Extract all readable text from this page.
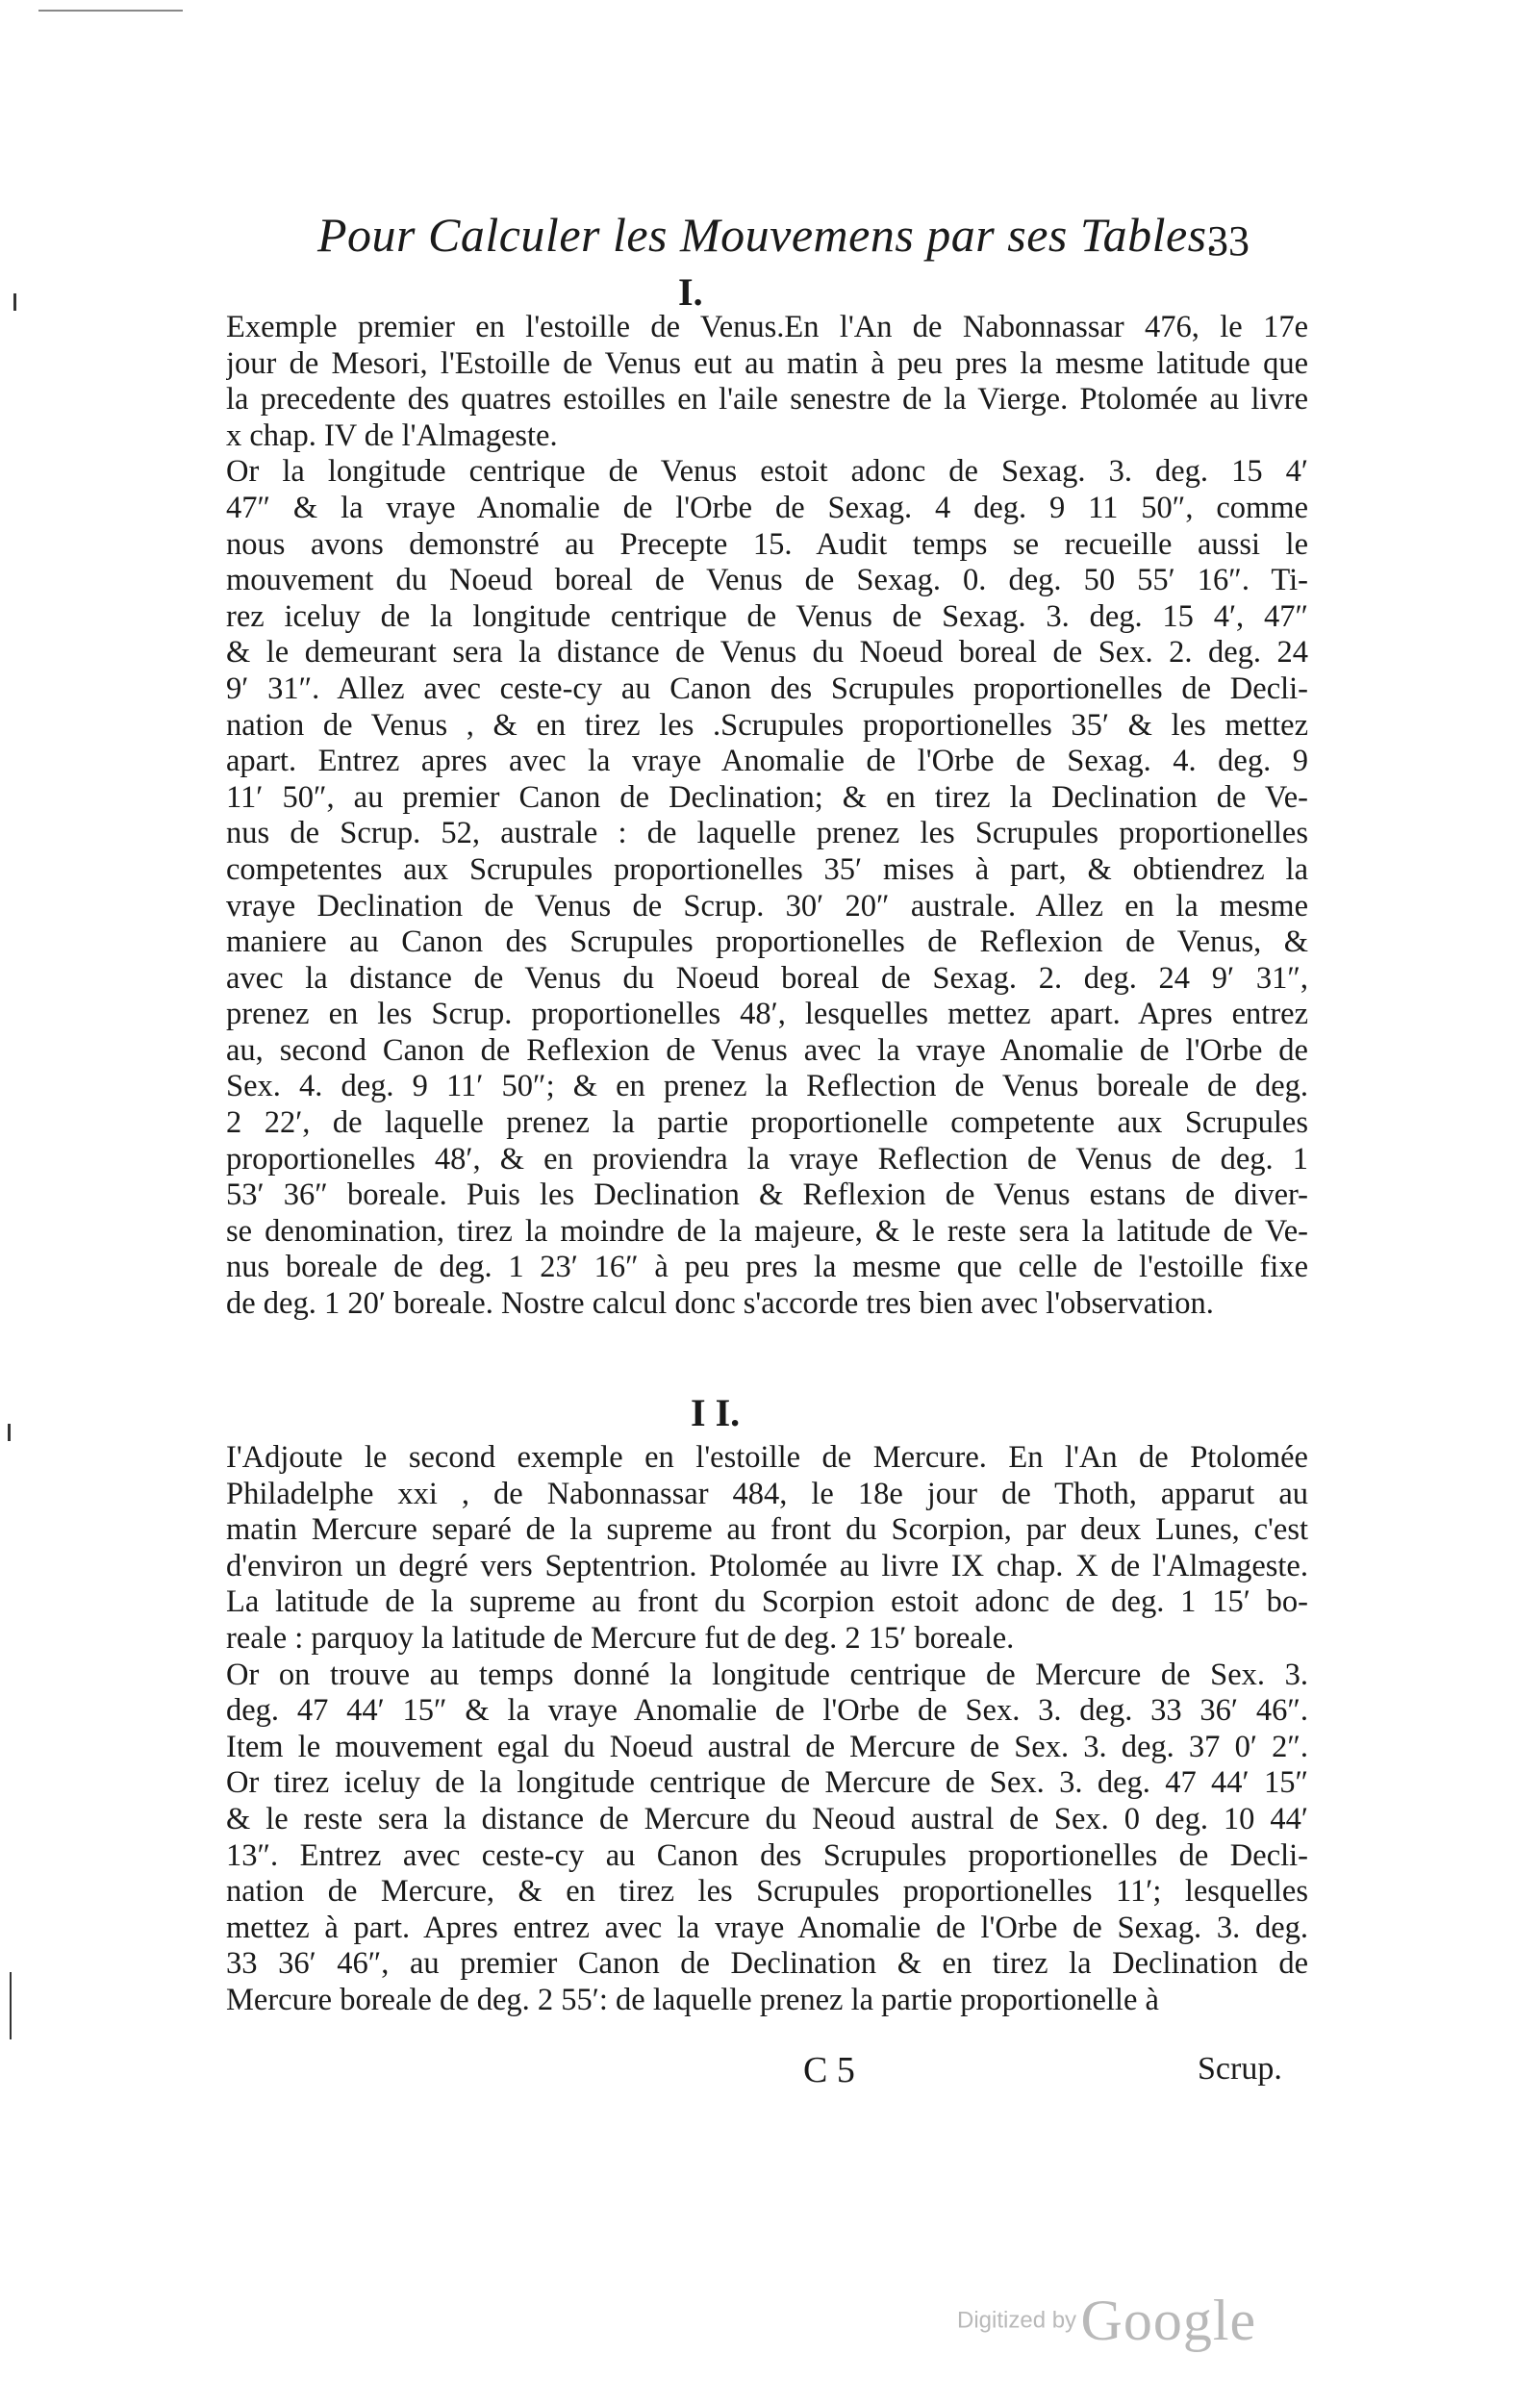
Pour Calculer les Mouvemens par ses Tables.
33
I.
Exemple premier en l'estoille de Venus.En l'An de Nabonnassar 476, le 17e
jour de Mesori, l'Estoille de Venus eut au matin à peu pres la mesme latitude que
la precedente des quatres estoilles en l'aile senestre de la Vierge. Ptolomée au livre
x chap. IV de l'Almageste.
Or la longitude centrique de Venus estoit adonc de Sexag. 3. deg. 15 4′
47″ & la vraye Anomalie de l'Orbe de Sexag. 4 deg. 9 11 50″, comme
nous avons demonstré au Precepte 15. Audit temps se recueille aussi le
mouvement du Noeud boreal de Venus de Sexag. 0. deg. 50 55′ 16″. Ti-
rez iceluy de la longitude centrique de Venus de Sexag. 3. deg. 15 4′, 47″
& le demeurant sera la distance de Venus du Noeud boreal de Sex. 2. deg. 24
9′ 31″. Allez avec ceste-cy au Canon des Scrupules proportionelles de Decli-
nation de Venus , & en tirez les .Scrupules proportionelles 35′ & les mettez
apart. Entrez apres avec la vraye Anomalie de l'Orbe de Sexag. 4. deg. 9
11′ 50″, au premier Canon de Declination; & en tirez la Declination de Ve-
nus de Scrup. 52, australe : de laquelle prenez les Scrupules proportionelles
competentes aux Scrupules proportionelles 35′ mises à part, & obtiendrez la
vraye Declination de Venus de Scrup. 30′ 20″ australe. Allez en la mesme
maniere au Canon des Scrupules proportionelles de Reflexion de Venus, &
avec la distance de Venus du Noeud boreal de Sexag. 2. deg. 24 9′ 31″,
prenez en les Scrup. proportionelles 48′, lesquelles mettez apart. Apres entrez
au, second Canon de Reflexion de Venus avec la vraye Anomalie de l'Orbe de
Sex. 4. deg. 9 11′ 50″; & en prenez la Reflection de Venus boreale de deg.
2 22′, de laquelle prenez la partie proportionelle competente aux Scrupules
proportionelles 48′, & en proviendra la vraye Reflection de Venus de deg. 1
53′ 36″ boreale. Puis les Declination & Reflexion de Venus estans de diver-
se denomination, tirez la moindre de la majeure, & le reste sera la latitude de Ve-
nus boreale de deg. 1 23′ 16″ à peu pres la mesme que celle de l'estoille fixe
de deg. 1 20′ boreale. Nostre calcul donc s'accorde tres bien avec l'observation.
I I.
I'Adjoute le second exemple en l'estoille de Mercure. En l'An de Ptolomée
Philadelphe xxi , de Nabonnassar 484, le 18e jour de Thoth, apparut au
matin Mercure separé de la supreme au front du Scorpion, par deux Lunes, c'est
d'environ un degré vers Septentrion. Ptolomée au livre IX chap. X de l'Almageste.
La latitude de la supreme au front du Scorpion estoit adonc de deg. 1 15′ bo-
reale : parquoy la latitude de Mercure fut de deg. 2 15′ boreale.
Or on trouve au temps donné la longitude centrique de Mercure de Sex. 3.
deg. 47 44′ 15″ & la vraye Anomalie de l'Orbe de Sex. 3. deg. 33 36′ 46″.
Item le mouvement egal du Noeud austral de Mercure de Sex. 3. deg. 37 0′ 2″.
Or tirez iceluy de la longitude centrique de Mercure de Sex. 3. deg. 47 44′ 15″
& le reste sera la distance de Mercure du Neoud austral de Sex. 0 deg. 10 44′
13″. Entrez avec ceste-cy au Canon des Scrupules proportionelles de Decli-
nation de Mercure, & en tirez les Scrupules proportionelles 11′; lesquelles
mettez à part. Apres entrez avec la vraye Anomalie de l'Orbe de Sexag. 3. deg.
33 36′ 46″, au premier Canon de Declination & en tirez la Declination de
Mercure boreale de deg. 2 55′: de laquelle prenez la partie proportionelle à
C 5	Scrup.
Digitized by Google
